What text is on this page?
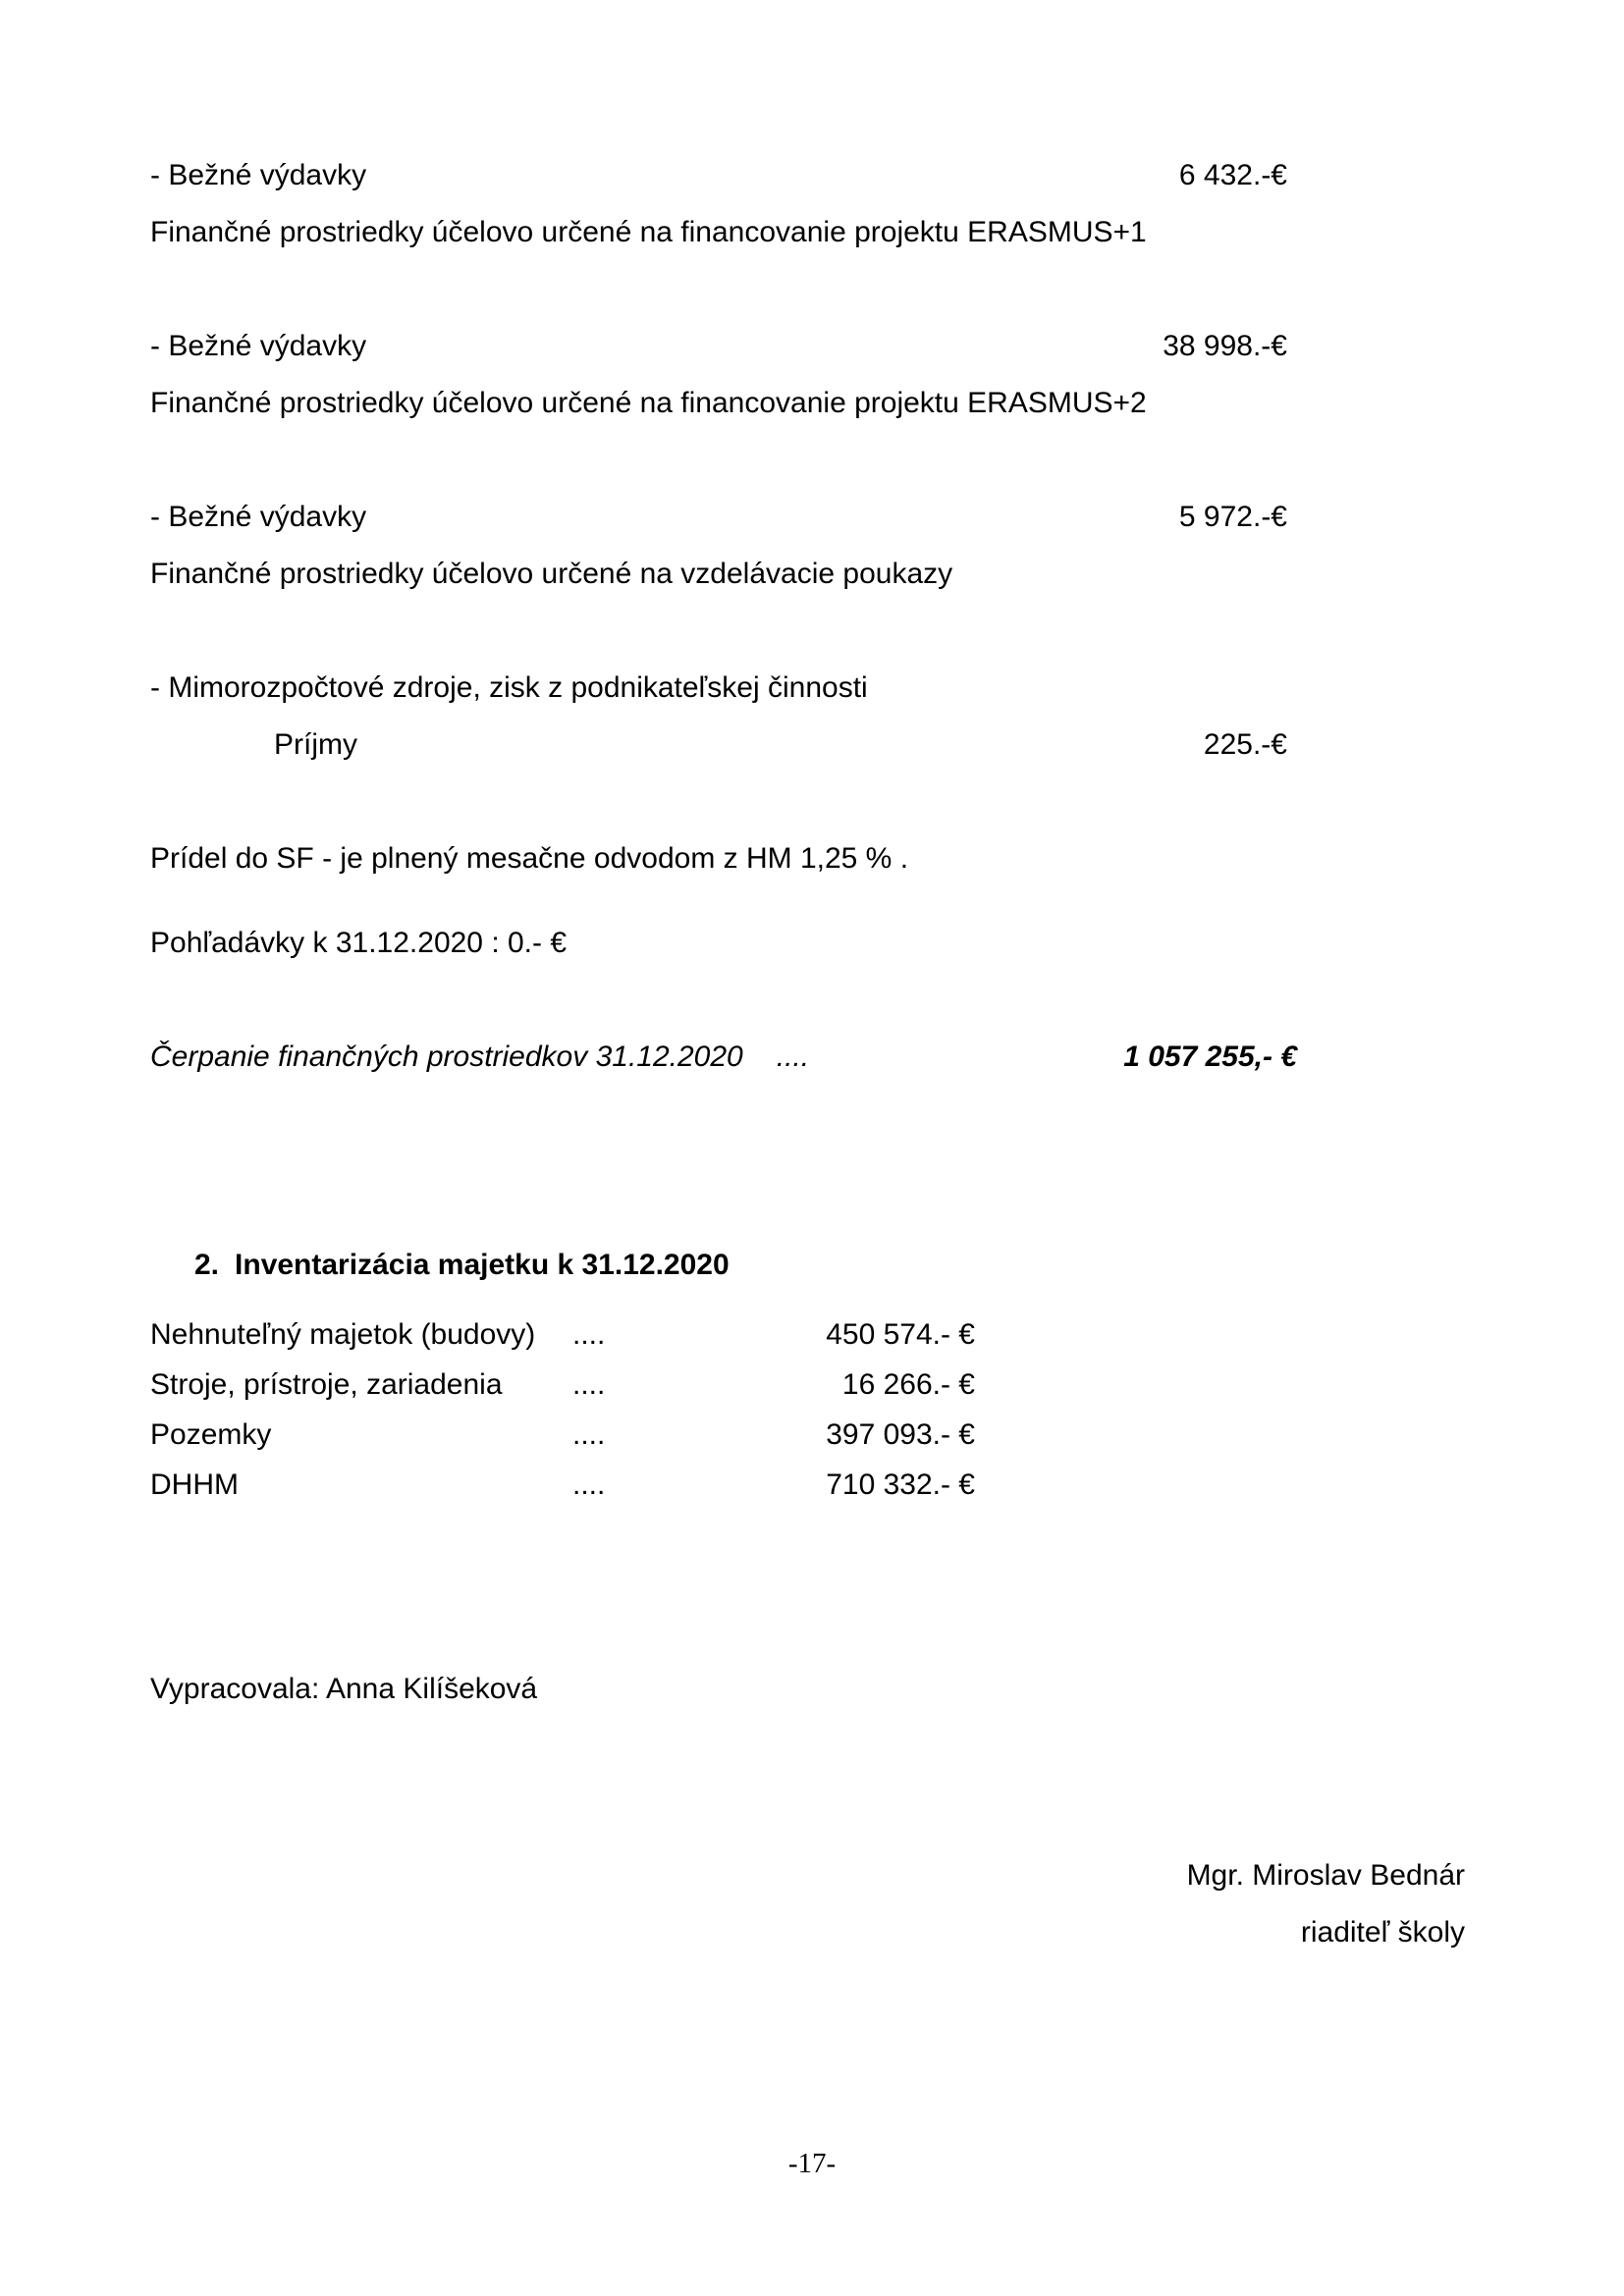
- Bežné výdavky	6 432.-€
Finančné prostriedky účelovo určené na financovanie projektu ERASMUS+1
- Bežné výdavky	38 998.-€
Finančné prostriedky účelovo určené na financovanie projektu ERASMUS+2
- Bežné výdavky	5 972.-€
Finančné prostriedky účelovo určené na vzdelávacie poukazy
- Mimorozpočtové zdroje, zisk z podnikateľskej činnosti
Príjmy	225.-€
Prídel do SF - je plnený mesačne odvodom z HM 1,25 % .
Pohľadávky k 31.12.2020 : 0.- €
Čerpanie finančných prostriedkov 31.12.2020 ....	1 057 255,- €
2. Inventarizácia majetku k 31.12.2020
Nehnuteľný majetok (budovy)	....	450 574.- €
Stroje, prístroje, zariadenia	....	16 266.- €
Pozemky	....	397 093.- €
DHHM	....	710 332.- €
Vypracovala: Anna Kilíšeková
Mgr. Miroslav Bednár
riaditeľ školy
-17-
